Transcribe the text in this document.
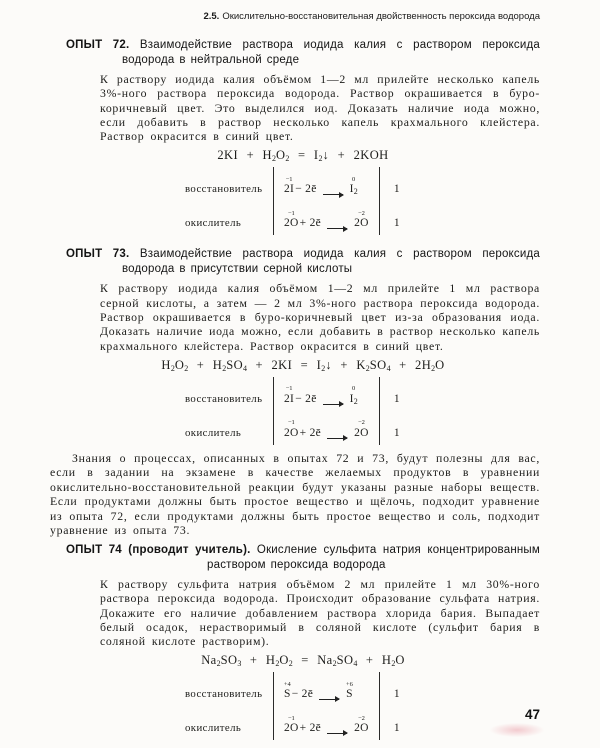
2.5. Окислительно-восстановительная двойственность пероксида водорода
ОПЫТ 72. Взаимодействие раствора иодида калия с раствором пероксида водорода в нейтральной среде

К раствору иодида калия объёмом 1—2 мл прилейте несколько капель 3%-ного раствора пероксида водорода. Раствор окрашивается в буро-коричневый цвет. Это выделился иод. Доказать наличие иода можно, если добавить в раствор несколько капель крахмального клейстера. Раствор окрасится в синий цвет.

$2KI + H_2O_2$ = $I_2↓ + 2KOH$
восстановитель
окислитель
−1
2I − 2ē →
0
$I_2$
−1
2O + 2ē →
−2
2O
1
1
ОПЫТ 73. Взаимодействие раствора иодида калия с раствором пероксида водорода в присутствии серной кислоты

К раствору иодида калия объёмом 1—2 мл прилейте 1 мл раствора серной кислоты, а затем — 2 мл 3%-ного раствора пероксида водорода. Раствор окрашивается в буро-коричневый цвет из-за образования иода. Доказать наличие иода можно, если добавить в раствор несколько капель крахмального клейстера. Раствор окрасится в синий цвет.

$H_2O_2 + H_2SO_4 + 2KI$ = $I_2↓ + K_2SO_4 + 2H_2O$
восстановитель
окислитель
−1
2I − 2ē →
0
$I_2$
−1
2O + 2ē →
−2
2O
1
1

Знания о процессах, описанных в опытах 72 и 73, будут полезны для вас, если в задании на экзамене в качестве желаемых продуктов в уравнении окислительно-восстановительной реакции будут указаны разные наборы веществ. Если продуктами должны быть простое вещество и щёлочь, подходит уравнение из опыта 72, если продуктами должны быть простое вещество и соль, подходит уравнение из опыта 73.

ОПЫТ 74 (проводит учитель). Окисление сульфита натрия концентрированным раствором пероксида водорода

К раствору сульфита натрия объёмом 2 мл прилейте 1 мл 30%-ного раствора пероксида водорода. Происходит образование сульфата натрия. Докажите его наличие добавлением раствора хлорида бария. Выпадает белый осадок, нерастворимый в соляной кислоте (сульфит бария в соляной кислоте растворим).

$Na_2SO_3 + H_2O_2 = Na_2SO_4 + H_2O$
восстановитель
окислитель
+4
S − 2ē →
+6
S
−1
2O + 2ē →
−2
2O
1
1
47
